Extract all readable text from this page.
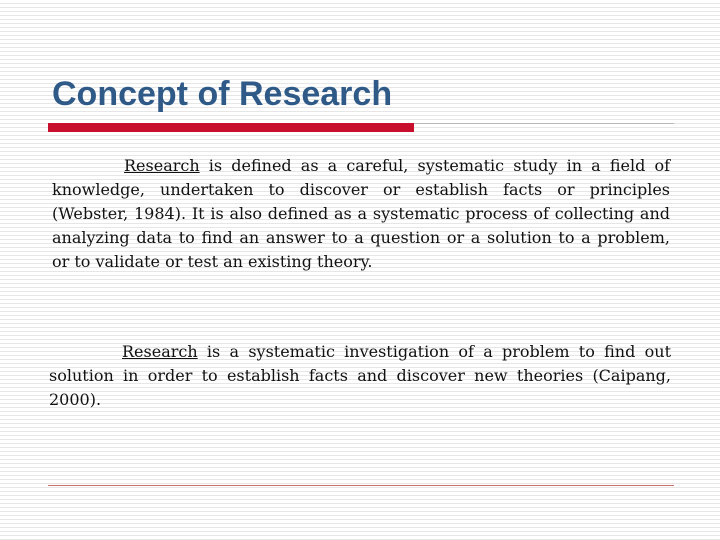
Concept of Research

Research is defined as a careful, systematic study in a field of knowledge, undertaken to discover or establish facts or principles (Webster, 1984). It is also defined as a systematic process of collecting and analyzing data to find an answer to a question or a solution to a problem, or to validate or test an existing theory.

Research is a systematic investigation of a problem to find out solution in order to establish facts and discover new theories (Caipang, 2000).
